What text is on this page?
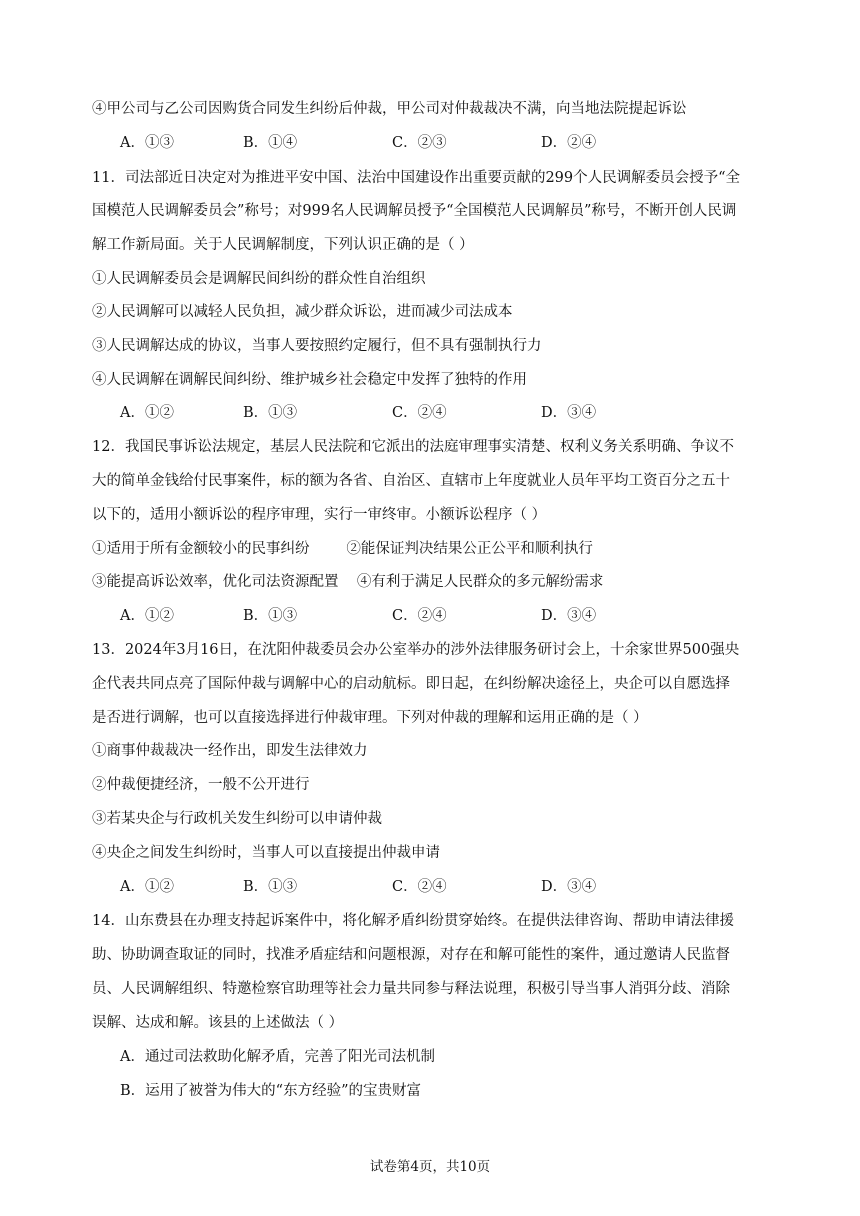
④甲公司与乙公司因购货合同发生纠纷后仲裁，甲公司对仲裁裁决不满，向当地法院提起诉讼
A．①③	B．①④	C．②③	D．②④
11．司法部近日决定对为推进平安中国、法治中国建设作出重要贡献的299个人民调解委员会授予“全
国模范人民调解委员会”称号；对999名人民调解员授予“全国模范人民调解员”称号，不断开创人民调
解工作新局面。关于人民调解制度，下列认识正确的是（ ）
①人民调解委员会是调解民间纠纷的群众性自治组织
②人民调解可以减轻人民负担，减少群众诉讼，进而减少司法成本
③人民调解达成的协议，当事人要按照约定履行，但不具有强制执行力
④人民调解在调解民间纠纷、维护城乡社会稳定中发挥了独特的作用
A．①②	B．①③	C．②④	D．③④
12．我国民事诉讼法规定，基层人民法院和它派出的法庭审理事实清楚、权利义务关系明确、争议不
大的简单金钱给付民事案件，标的额为各省、自治区、直辖市上年度就业人员年平均工资百分之五十
以下的，适用小额诉讼的程序审理，实行一审终审。小额诉讼程序（ ）
①适用于所有金额较小的民事纠纷        ②能保证判决结果公正公平和顺利执行
③能提高诉讼效率，优化司法资源配置    ④有利于满足人民群众的多元解纷需求
A．①②	B．①③	C．②④	D．③④
13．2024年3月16日，在沈阳仲裁委员会办公室举办的涉外法律服务研讨会上，十余家世界500强央
企代表共同点亮了国际仲裁与调解中心的启动航标。即日起，在纠纷解决途径上，央企可以自愿选择
是否进行调解，也可以直接选择进行仲裁审理。下列对仲裁的理解和运用正确的是（ ）
①商事仲裁裁决一经作出，即发生法律效力
②仲裁便捷经济，一般不公开进行
③若某央企与行政机关发生纠纷可以申请仲裁
④央企之间发生纠纷时，当事人可以直接提出仲裁申请
A．①②	B．①③	C．②④	D．③④
14．山东费县在办理支持起诉案件中，将化解矛盾纠纷贯穿始终。在提供法律咨询、帮助申请法律援
助、协助调查取证的同时，找准矛盾症结和问题根源，对存在和解可能性的案件，通过邀请人民监督
员、人民调解组织、特邀检察官助理等社会力量共同参与释法说理，积极引导当事人消弭分歧、消除
误解、达成和解。该县的上述做法（ ）
A．通过司法救助化解矛盾，完善了阳光司法机制
B．运用了被誉为伟大的“东方经验”的宝贵财富
试卷第4页，共10页
